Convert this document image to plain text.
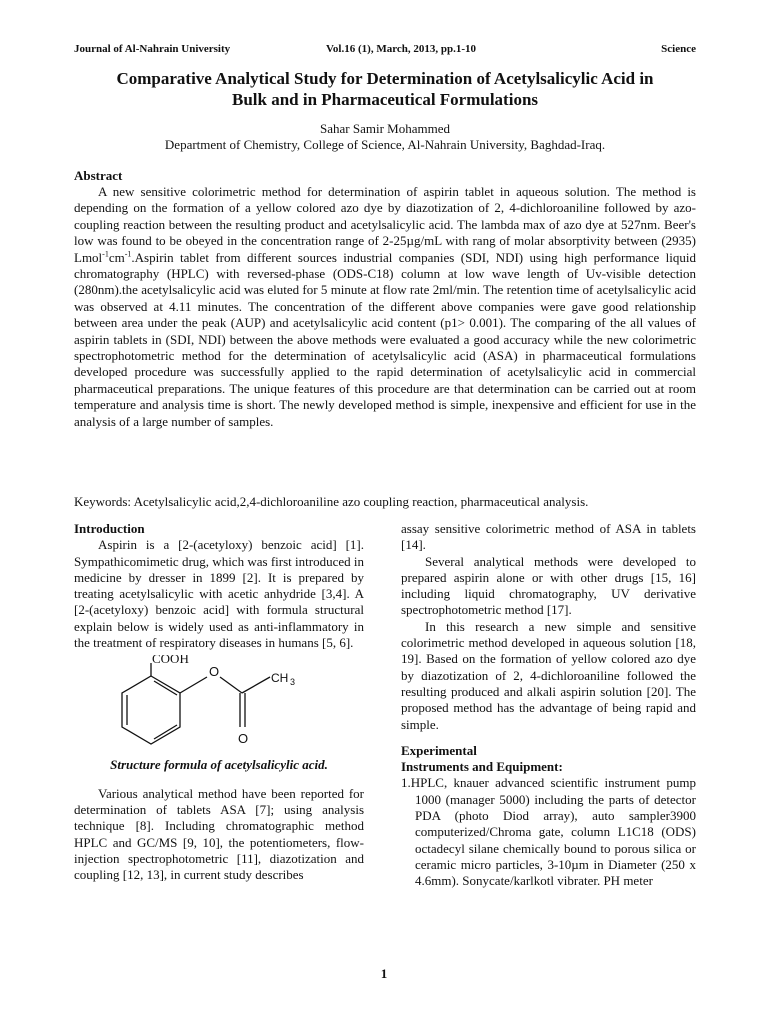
Journal of Al-Nahrain University	Vol.16 (1), March, 2013, pp.1-10	Science
Comparative Analytical Study for Determination of Acetylsalicylic Acid in
Bulk and in Pharmaceutical Formulations
Sahar Samir Mohammed
Department of Chemistry, College of Science, Al-Nahrain University, Baghdad-Iraq.
Abstract

A new sensitive colorimetric method for determination of aspirin tablet in aqueous solution. The method is depending on the formation of a yellow colored azo dye by diazotization of 2, 4-dichloroaniline followed by azo-coupling reaction between the resulting product and acetylsalicylic acid. The lambda max of azo dye at 527nm. Beer's low was found to be obeyed in the concentration range of 2-25µg/mL with rang of molar absorptivity between (2935) $Lmol^{-1}cm^{-1}.Aspirin$ tablet from different sources industrial companies (SDI, NDI) using high performance liquid chromatography (HPLC) with reversed-phase (ODS-C18) column at low wave length of Uv-visible detection (280nm).the acetylsalicylic acid was eluted for 5 minute at flow rate 2ml/min. The retention time of acetylsalicylic acid was observed at 4.11 minutes. The concentration of the different above companies were gave good relationship between area under the peak (AUP) and acetylsalicylic acid content (p1> 0.001). The comparing of the all values of aspirin tablets in (SDI, NDI) between the above methods were evaluated a good accuracy while the new colorimetric spectrophotometric method for the determination of acetylsalicylic acid (ASA) in pharmaceutical formulations developed procedure was successfully applied to the rapid determination of acetylsalicylic acid in commercial pharmaceutical preparations. The unique features of this procedure are that determination can be carried out at room temperature and analysis time is short. The newly developed method is simple, inexpensive and efficient for use in the analysis of a large number of samples.

Keywords: Acetylsalicylic acid,2,4-dichloroaniline azo coupling reaction, pharmaceutical analysis.

Introduction

Aspirin is a [2-(acetyloxy) benzoic acid] [1]. Sympathicomimetic drug, which was first introduced in medicine by dresser in 1899 [2]. It is prepared by treating acetylsalicylic with acetic anhydride [3,4]. A [2-(acetyloxy) benzoic acid] with formula structural explain below is widely used as anti-inflammatory in the treatment of respiratory diseases in humans [5, 6].

COOH
O	CH 3
O

Structure formula of acetylsalicylic acid.

Various analytical method have been reported for determination of tablets ASA [7]; using analysis technique [8]. Including chromatographic method HPLC and GC/MS [9, 10], the potentiometers, flow-injection spectrophotometric [11], diazotization and coupling [12, 13], in current study describes

assay sensitive colorimetric method of ASA in tablets [14].

Several analytical methods were developed to prepared aspirin alone or with other drugs [15, 16] including liquid chromatography, UV derivative spectrophotometric method [17].

In this research a new simple and sensitive colorimetric method developed in aqueous solution [18, 19]. Based on the formation of yellow colored azo dye by diazotization of 2, 4-dichloroaniline followed the resulting produced and alkali aspirin solution [20]. The proposed method has the advantage of being rapid and simple.

Experimental

Instruments and Equipment:

1.HPLC, knauer advanced scientific instrument pump 1000 (manager 5000) including the parts of detector PDA (photo Diod array), auto sampler3900 computerized/Chroma gate, column L1C18 (ODS) octadecyl silane chemically bound to porous silica or ceramic micro particles, 3-10µm in Diameter (250 x 4.6mm). Sonycate/karlkotl vibrater. PH meter

1
